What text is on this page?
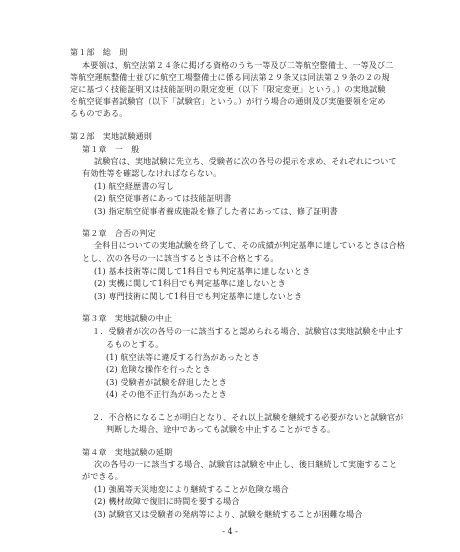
第１部　総　則
本要領は、航空法第２４条に掲げる資格のうち一等及び二等航空整備士、一等及び二
等航空運航整備士並びに航空工場整備士に係る同法第２９条又は同法第２９条の２の規
定に基づく技能証明又は技能証明の限定変更（以下「限定変更」という。）の実地試験
を航空従事者試験官（以下「試験官」という。）が行う場合の通則及び実施要領を定め
るものである。
第２部　実地試験通則
第１章　一　般
試験官は、実地試験に先立ち、受験者に次の各号の提示を求め、それぞれについて
有効性等を確認しなければならない。
(1) 航空経歴書の写し
(2) 航空従事者にあっては技能証明書
(3) 指定航空従事者養成施設を修了した者にあっては、修了証明書
第２章　合否の判定
全科目についての実地試験を終了して、その成績が判定基準に達しているときは合格
とし、次の各号の一に該当するときは不合格とする。
(1) 基本技術等に関して1科目でも判定基準に達しないとき
(2) 実機に関して1科目でも判定基準に達しないとき
(3) 専門技術に関して1科目でも判定基準に達しないとき
第３章　実地試験の中止
１．受験者が次の各号の一に該当すると認められる場合、試験官は実地試験を中止す
るものとする。
(1) 航空法等に違反する行為があったとき
(2) 危険な操作を行ったとき
(3) 受験者が試験を辞退したとき
(4) その他不正行為があったとき
２．不合格になることが明白となり、それ以上試験を継続する必要がないと試験官が
判断した場合、途中であっても試験を中止することができる。
第４章　実地試験の延期
次の各号の一に該当する場合、試験官は試験を中止し、後日継続して実施すること
ができる。
(1) 強風等天災地変により継続することが危険な場合
(2) 機材故障で復旧に時間を要する場合
(3) 試験官又は受験者の発病等により、試験を継続することが困難な場合
- 4 -
